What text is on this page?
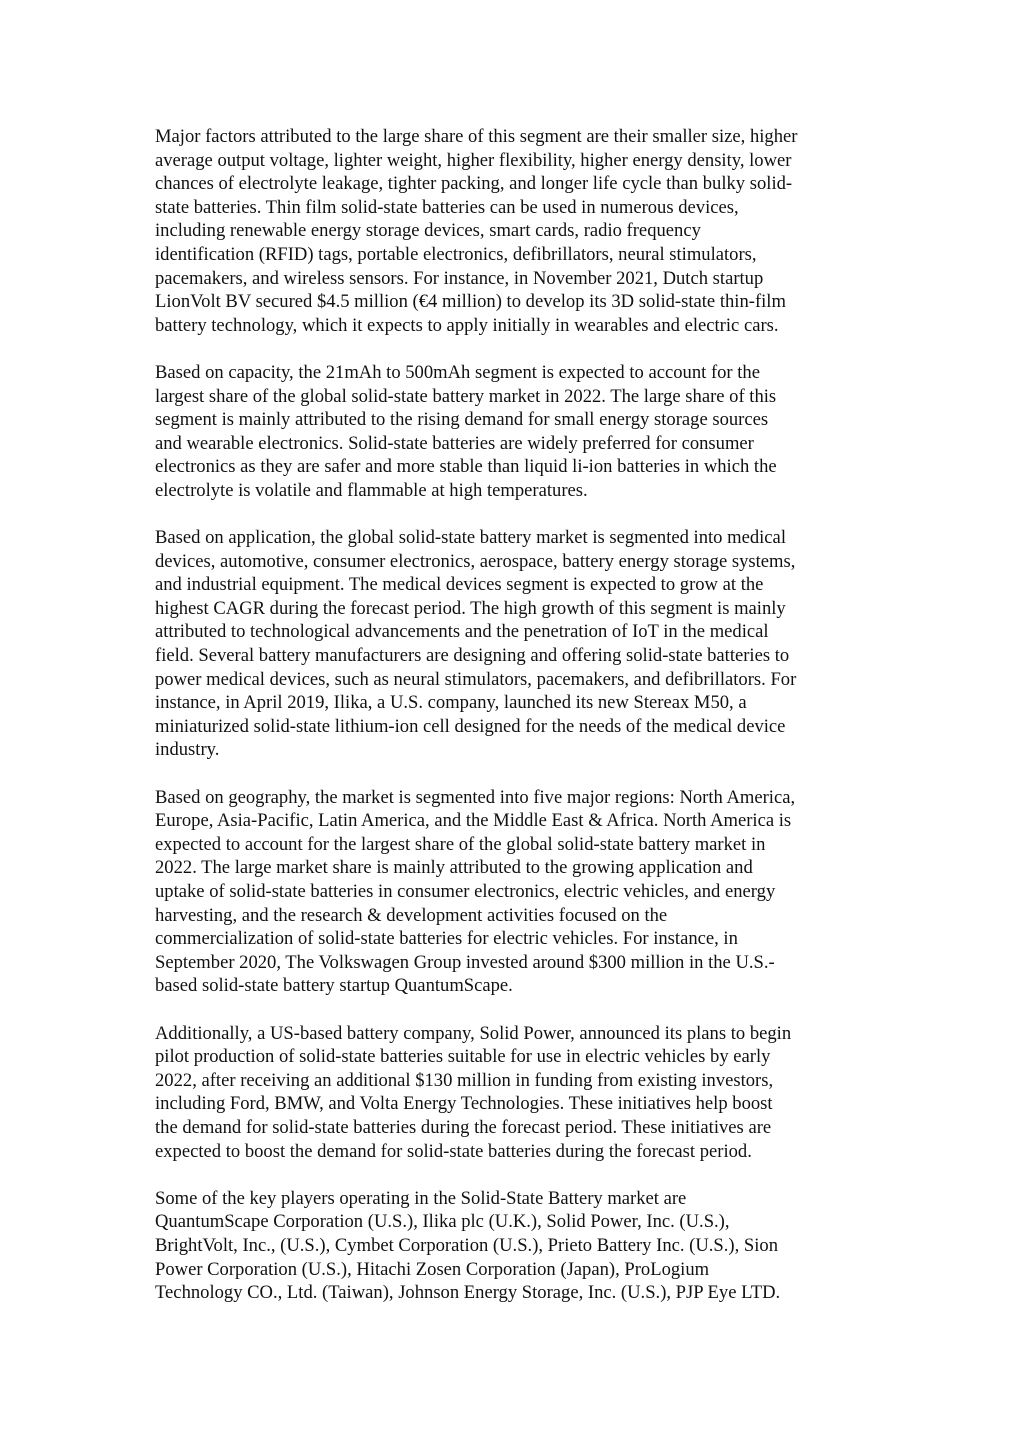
Major factors attributed to the large share of this segment are their smaller size, higher
average output voltage, lighter weight, higher flexibility, higher energy density, lower
chances of electrolyte leakage, tighter packing, and longer life cycle than bulky solid-
state batteries. Thin film solid-state batteries can be used in numerous devices,
including renewable energy storage devices, smart cards, radio frequency
identification (RFID) tags, portable electronics, defibrillators, neural stimulators,
pacemakers, and wireless sensors. For instance, in November 2021, Dutch startup
LionVolt BV secured $4.5 million (€4 million) to develop its 3D solid-state thin-film
battery technology, which it expects to apply initially in wearables and electric cars.

Based on capacity, the 21mAh to 500mAh segment is expected to account for the
largest share of the global solid-state battery market in 2022. The large share of this
segment is mainly attributed to the rising demand for small energy storage sources
and wearable electronics. Solid-state batteries are widely preferred for consumer
electronics as they are safer and more stable than liquid li-ion batteries in which the
electrolyte is volatile and flammable at high temperatures.

Based on application, the global solid-state battery market is segmented into medical
devices, automotive, consumer electronics, aerospace, battery energy storage systems,
and industrial equipment. The medical devices segment is expected to grow at the
highest CAGR during the forecast period. The high growth of this segment is mainly
attributed to technological advancements and the penetration of IoT in the medical
field. Several battery manufacturers are designing and offering solid-state batteries to
power medical devices, such as neural stimulators, pacemakers, and defibrillators. For
instance, in April 2019, Ilika, a U.S. company, launched its new Stereax M50, a
miniaturized solid-state lithium-ion cell designed for the needs of the medical device
industry.

Based on geography, the market is segmented into five major regions: North America,
Europe, Asia-Pacific, Latin America, and the Middle East & Africa. North America is
expected to account for the largest share of the global solid-state battery market in
2022. The large market share is mainly attributed to the growing application and
uptake of solid-state batteries in consumer electronics, electric vehicles, and energy
harvesting, and the research & development activities focused on the
commercialization of solid-state batteries for electric vehicles. For instance, in
September 2020, The Volkswagen Group invested around $300 million in the U.S.-
based solid-state battery startup QuantumScape.

Additionally, a US-based battery company, Solid Power, announced its plans to begin
pilot production of solid-state batteries suitable for use in electric vehicles by early
2022, after receiving an additional $130 million in funding from existing investors,
including Ford, BMW, and Volta Energy Technologies. These initiatives help boost
the demand for solid-state batteries during the forecast period. These initiatives are
expected to boost the demand for solid-state batteries during the forecast period.

Some of the key players operating in the Solid-State Battery market are
QuantumScape Corporation (U.S.), Ilika plc (U.K.), Solid Power, Inc. (U.S.),
BrightVolt, Inc., (U.S.), Cymbet Corporation (U.S.), Prieto Battery Inc. (U.S.), Sion
Power Corporation (U.S.), Hitachi Zosen Corporation (Japan), ProLogium
Technology CO., Ltd. (Taiwan), Johnson Energy Storage, Inc. (U.S.), PJP Eye LTD.
